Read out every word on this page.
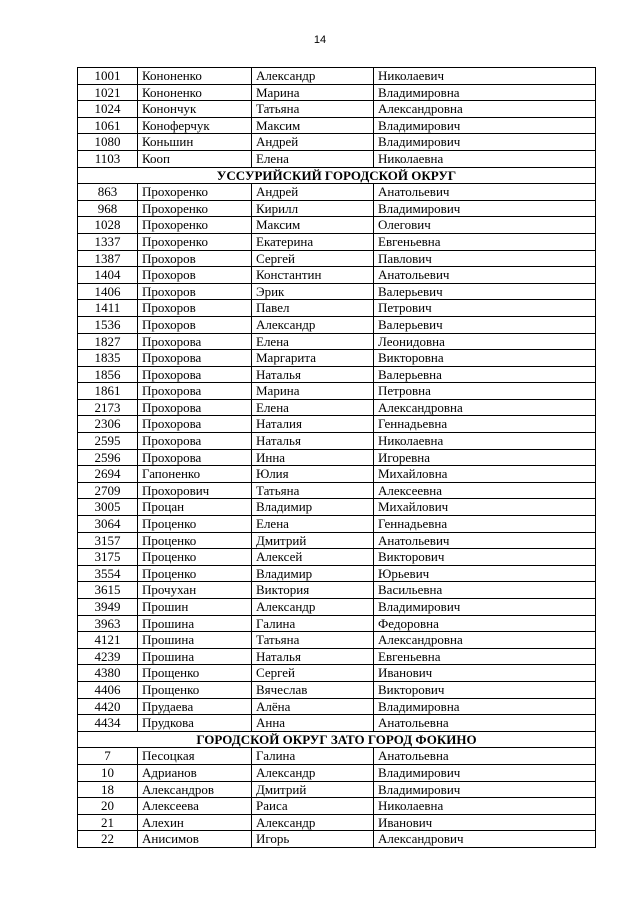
14
1001	Кононенко	Александр	Николаевич
1021	Кононенко	Марина	Владимировна
1024	Конончук	Татьяна	Александровна
1061	Коноферчук	Максим	Владимирович
1080	Коньшин	Андрей	Владимирович
1103	Кооп	Елена	Николаевна
УССУРИЙСКИЙ ГОРОДСКОЙ ОКРУГ			
863	Прохоренко	Андрей	Анатольевич
968	Прохоренко	Кирилл	Владимирович
1028	Прохоренко	Максим	Олегович
1337	Прохоренко	Екатерина	Евгеньевна
1387	Прохоров	Сергей	Павлович
1404	Прохоров	Константин	Анатольевич
1406	Прохоров	Эрик	Валерьевич
1411	Прохоров	Павел	Петрович
1536	Прохоров	Александр	Валерьевич
1827	Прохорова	Елена	Леонидовна
1835	Прохорова	Маргарита	Викторовна
1856	Прохорова	Наталья	Валерьевна
1861	Прохорова	Марина	Петровна
2173	Прохорова	Елена	Александровна
2306	Прохорова	Наталия	Геннадьевна
2595	Прохорова	Наталья	Николаевна
2596	Прохорова	Инна	Игоревна
2694	Гапоненко	Юлия	Михайловна
2709	Прохорович	Татьяна	Алексеевна
3005	Процан	Владимир	Михайлович
3064	Проценко	Елена	Геннадьевна
3157	Проценко	Дмитрий	Анатольевич
3175	Проценко	Алексей	Викторович
3554	Проценко	Владимир	Юрьевич
3615	Прочухан	Виктория	Васильевна
3949	Прошин	Александр	Владимирович
3963	Прошина	Галина	Федоровна
4121	Прошина	Татьяна	Александровна
4239	Прошина	Наталья	Евгеньевна
4380	Прощенко	Сергей	Иванович
4406	Прощенко	Вячеслав	Викторович
4420	Прудаева	Алёна	Владимировна
4434	Прудкова	Анна	Анатольевна
ГОРОДСКОЙ ОКРУГ ЗАТО ГОРОД ФОКИНО			
7	Песоцкая	Галина	Анатольевна
10	Адрианов	Александр	Владимирович
18	Александров	Дмитрий	Владимирович
20	Алексеева	Раиса	Николаевна
21	Алехин	Александр	Иванович
22	Анисимов	Игорь	Александрович
